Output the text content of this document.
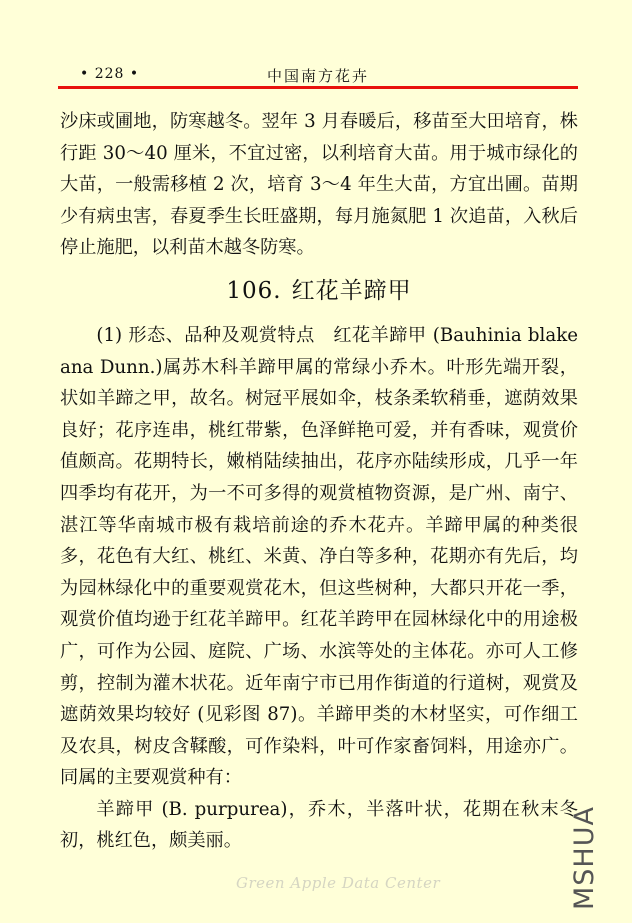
• 228 •	中国南方花卉

沙床或圃地，防寒越冬。翌年 3 月春暖后，移苗至大田培育，株行距 30～40 厘米，不宜过密，以利培育大苗。用于城市绿化的大苗，一般需移植 2 次，培育 3～4 年生大苗，方宜出圃。苗期少有病虫害，春夏季生长旺盛期，每月施氮肥 1 次追苗，入秋后停止施肥，以利苗木越冬防寒。

106. 红花羊蹄甲

(1) 形态、品种及观赏特点　红花羊蹄甲 (Bauhinia blakeana Dunn.)属苏木科羊蹄甲属的常绿小乔木。叶形先端开裂，状如羊蹄之甲，故名。树冠平展如伞，枝条柔软稍垂，遮荫效果良好；花序连串，桃红带紫，色泽鲜艳可爱，并有香味，观赏价值颇高。花期特长，嫩梢陆续抽出，花序亦陆续形成，几乎一年四季均有花开，为一不可多得的观赏植物资源，是广州、南宁、湛江等华南城市极有栽培前途的乔木花卉。羊蹄甲属的种类很多，花色有大红、桃红、米黄、净白等多种，花期亦有先后，均为园林绿化中的重要观赏花木，但这些树种，大都只开花一季，观赏价值均逊于红花羊蹄甲。红花羊跨甲在园林绿化中的用途极广，可作为公园、庭院、广场、水滨等处的主体花。亦可人工修剪，控制为灌木状花。近年南宁市已用作街道的行道树，观赏及遮荫效果均较好 (见彩图 87)。羊蹄甲类的木材坚实，可作细工及农具，树皮含鞣酸，可作染料，叶可作家畜饲料，用途亦广。同属的主要观赏种有：

羊蹄甲 (B. purpurea)，乔木，半落叶状，花期在秋末冬初，桃红色，颇美丽。

Green Apple Data Center	MSHUA
